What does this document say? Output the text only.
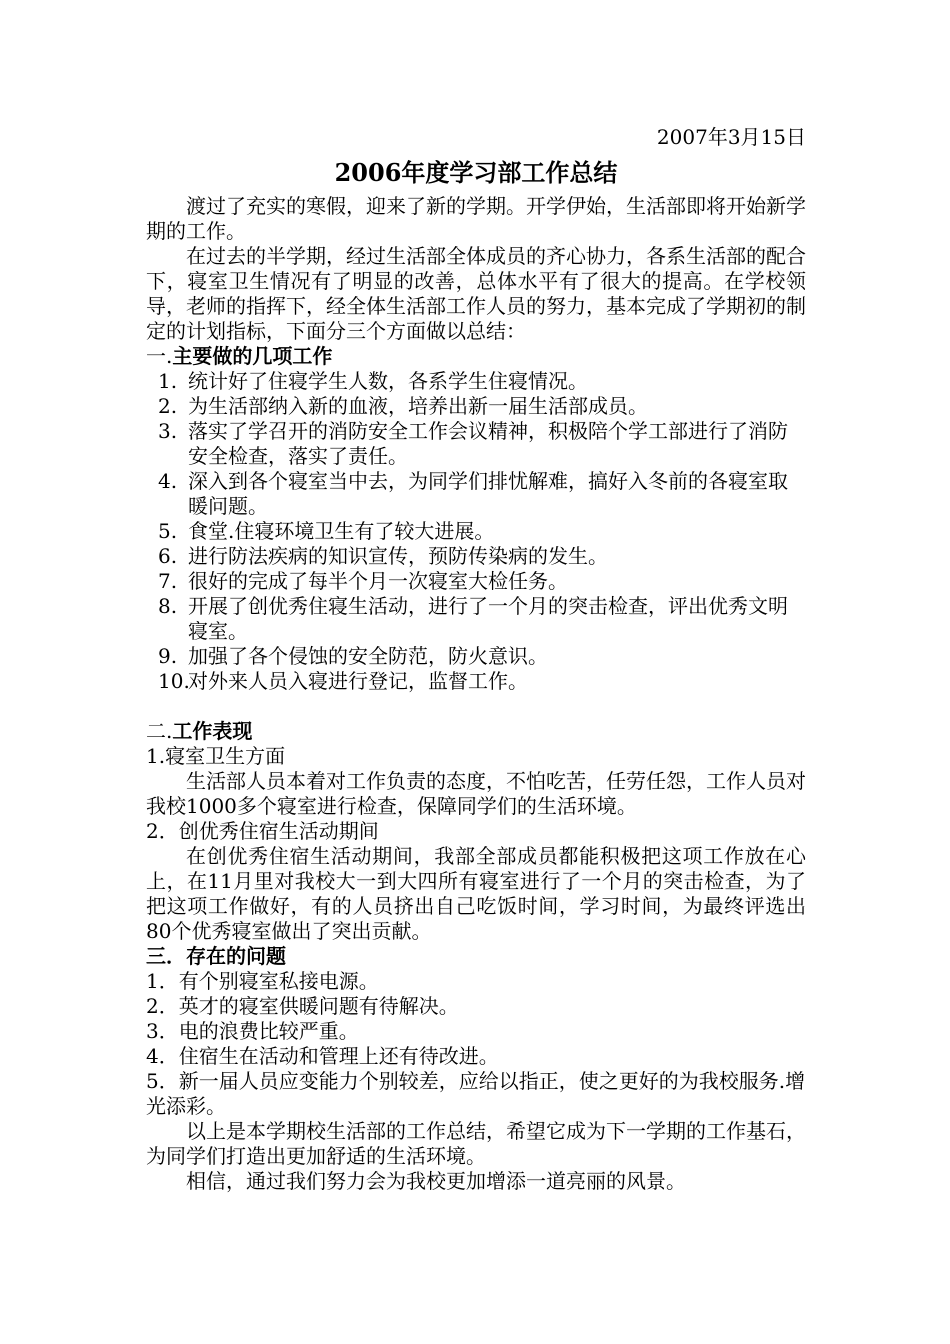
2007年3月15日
2006年度学习部工作总结

渡过了充实的寒假，迎来了新的学期。开学伊始，生活部即将开始新学期的工作。

在过去的半学期，经过生活部全体成员的齐心协力，各系生活部的配合下，寝室卫生情况有了明显的改善，总体水平有了很大的提高。在学校领导，老师的指挥下，经全体生活部工作人员的努力，基本完成了学期初的制定的计划指标，下面分三个方面做以总结：

一.主要做的几项工作

1. 统计好了住寝学生人数，各系学生住寝情况。
2. 为生活部纳入新的血液，培养出新一届生活部成员。
3. 落实了学召开的消防安全工作会议精神，积极陪个学工部进行了消防安全检查，落实了责任。
4. 深入到各个寝室当中去，为同学们排忧解难，搞好入冬前的各寝室取暖问题。
5. 食堂.住寝环境卫生有了较大进展。
6. 进行防法疾病的知识宣传，预防传染病的发生。
7. 很好的完成了每半个月一次寝室大检任务。
8. 开展了创优秀住寝生活动，进行了一个月的突击检查，评出优秀文明寝室。
9. 加强了各个侵蚀的安全防范，防火意识。
10.
对外来人员入寝进行登记，监督工作。

二.工作表现

1.寝室卫生方面

生活部人员本着对工作负责的态度，不怕吃苦，任劳任怨，工作人员对我校1000多个寝室进行检查，保障同学们的生活环境。

2．创优秀住宿生活动期间

在创优秀住宿生活动期间，我部全部成员都能积极把这项工作放在心上，在11月里对我校大一到大四所有寝室进行了一个月的突击检查，为了把这项工作做好，有的人员挤出自己吃饭时间，学习时间，为最终评选出80个优秀寝室做出了突出贡献。

三．存在的问题

1．有个别寝室私接电源。

2．英才的寝室供暖问题有待解决。

3．电的浪费比较严重。

4．住宿生在活动和管理上还有待改进。

5．新一届人员应变能力个别较差，应给以指正，使之更好的为我校服务.增光添彩。

以上是本学期校生活部的工作总结，希望它成为下一学期的工作基石，为同学们打造出更加舒适的生活环境。

相信，通过我们努力会为我校更加增添一道亮丽的风景。
